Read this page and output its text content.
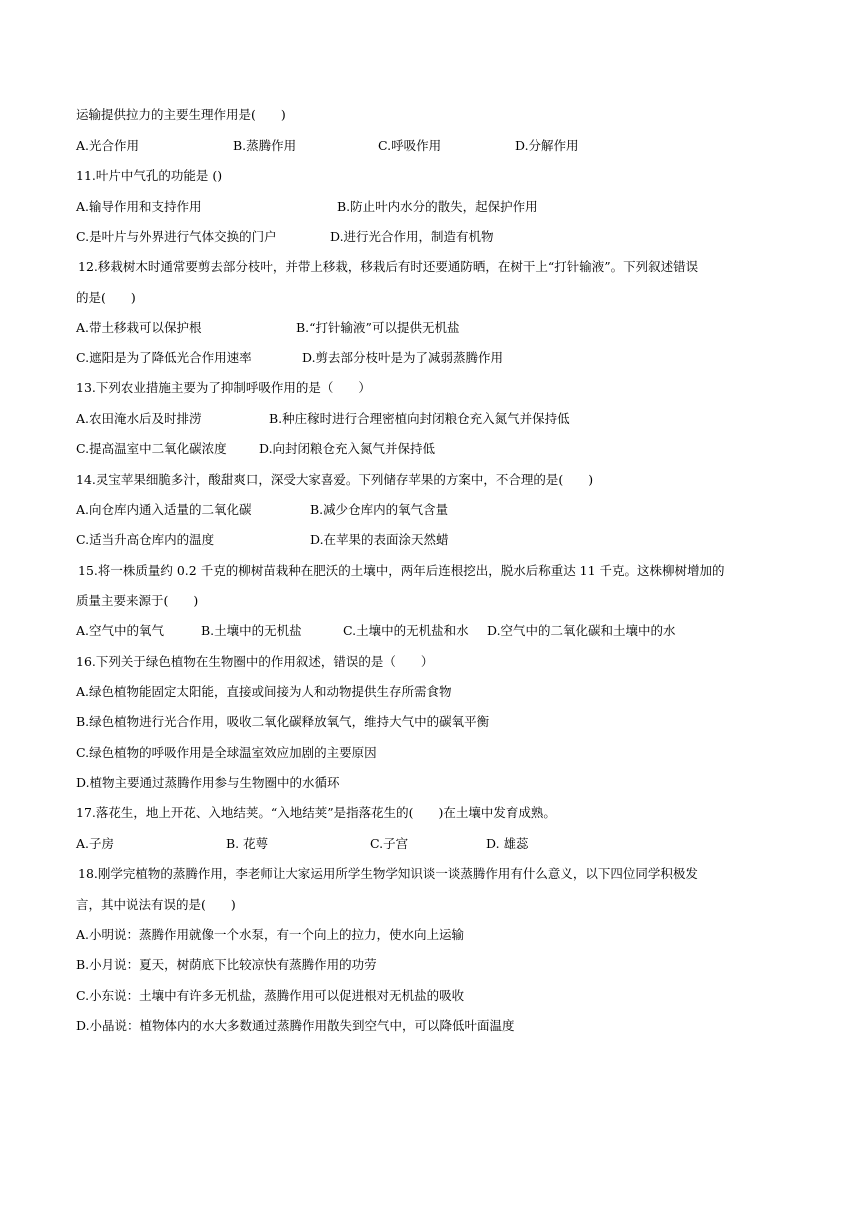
运输提供拉力的主要生理作用是(　　)
A.光合作用	B.蒸腾作用	C.呼吸作用	D.分解作用
11.叶片中气孔的功能是 ()
A.输导作用和支持作用	B.防止叶内水分的散失，起保护作用
C.是叶片与外界进行气体交换的门户	D.进行光合作用，制造有机物
12.移栽树木时通常要剪去部分枝叶，并带上移栽，移栽后有时还要通防晒，在树干上“打针输液”。下列叙述错误
的是(　　)
A.带土移栽可以保护根	B.“打针输液”可以提供无机盐
C.遮阳是为了降低光合作用速率	D.剪去部分枝叶是为了减弱蒸腾作用
13.下列农业措施主要为了抑制呼吸作用的是（　　）
A.农田淹水后及时排涝	B.种庄稼时进行合理密植向封闭粮仓充入氮气并保持低
C.提高温室中二氧化碳浓度	D.向封闭粮仓充入氮气并保持低
14.灵宝苹果细脆多汁，酸甜爽口，深受大家喜爱。下列储存苹果的方案中，不合理的是(　　)
A.向仓库内通入适量的二氧化碳	B.减少仓库内的氧气含量
C.适当升高仓库内的温度	D.在苹果的表面涂天然蜡
15.将一株质量约 0.2 千克的柳树苗栽种在肥沃的土壤中，两年后连根挖出，脱水后称重达 11 千克。这株柳树增加的
质量主要来源于(　　)
A.空气中的氧气	B.土壤中的无机盐	C.土壤中的无机盐和水 D.空气中的二氧化碳和土壤中的水
16.下列关于绿色植物在生物圈中的作用叙述，错误的是（　　）
A.绿色植物能固定太阳能，直接或间接为人和动物提供生存所需食物
B.绿色植物进行光合作用，吸收二氧化碳释放氧气，维持大气中的碳氧平衡
C.绿色植物的呼吸作用是全球温室效应加剧的主要原因
D.植物主要通过蒸腾作用参与生物圈中的水循环
17.落花生，地上开花、入地结荚。“入地结荚”是指落花生的(　　)在土壤中发育成熟。
A.子房	B. 花萼	C.子宫	D. 雄蕊
18.刚学完植物的蒸腾作用，李老师让大家运用所学生物学知识谈一谈蒸腾作用有什么意义，以下四位同学积极发
言，其中说法有误的是(　　)
A.小明说：蒸腾作用就像一个水泵，有一个向上的拉力，使水向上运输
B.小月说：夏天，树荫底下比较凉快有蒸腾作用的功劳
C.小东说：土壤中有许多无机盐，蒸腾作用可以促进根对无机盐的吸收
D.小晶说：植物体内的水大多数通过蒸腾作用散失到空气中，可以降低叶面温度
